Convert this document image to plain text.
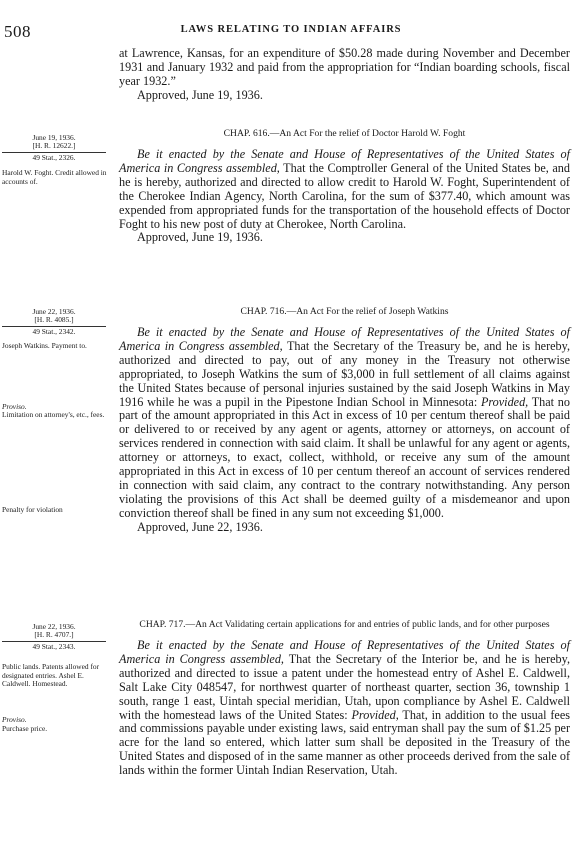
508	LAWS RELATING TO INDIAN AFFAIRS

at Lawrence, Kansas, for an expenditure of $50.28 made during November and December 1931 and January 1932 and paid from the appropriation for “Indian boarding schools, fiscal year 1932.”

Approved, June 19, 1936.

June 19, 1936.
[H. R. 12622.]
49 Stat., 2326.
Harold W. Foght. Credit allowed in accounts of.
CHAP. 616.—An Act For the relief of Doctor Harold W. Foght

Be it enacted by the Senate and House of Representatives of the United States of America in Congress assembled, That the Comptroller General of the United States be, and he is hereby, authorized and directed to allow credit to Harold W. Foght, Superintendent of the Cherokee Indian Agency, North Carolina, for the sum of $377.40, which amount was expended from appropriated funds for the transportation of the household effects of Doctor Foght to his new post of duty at Cherokee, North Carolina.

Approved, June 19, 1936.

June 22, 1936.
[H. R. 4085.]
49 Stat., 2342.
Joseph Watkins. Payment to.
Proviso.
Limitation on attorney's, etc., fees.
Penalty for violation
CHAP. 716.—An Act For the relief of Joseph Watkins

Be it enacted by the Senate and House of Representatives of the United States of America in Congress assembled, That the Secretary of the Treasury be, and he is hereby, authorized and directed to pay, out of any money in the Treasury not otherwise appropriated, to Joseph Watkins the sum of $3,000 in full settlement of all claims against the United States because of personal injuries sustained by the said Joseph Watkins in May 1916 while he was a pupil in the Pipestone Indian School in Minnesota: Provided, That no part of the amount appropriated in this Act in excess of 10 per centum thereof shall be paid or delivered to or received by any agent or agents, attorney or attorneys, on account of services rendered in connection with said claim. It shall be unlawful for any agent or agents, attorney or attorneys, to exact, collect, withhold, or receive any sum of the amount appropriated in this Act in excess of 10 per centum thereof an account of services rendered in connection with said claim, any contract to the contrary notwithstanding. Any person violating the provisions of this Act shall be deemed guilty of a misdemeanor and upon conviction thereof shall be fined in any sum not exceeding $1,000.

Approved, June 22, 1936.

June 22, 1936.
[H. R. 4707.]
49 Stat., 2343.
Public lands. Patents allowed for designated entries. Ashel E. Caldwell. Homestead.
Proviso.
Purchase price.
CHAP. 717.—An Act Validating certain applications for and entries of public lands, and for other purposes

Be it enacted by the Senate and House of Representatives of the United States of America in Congress assembled, That the Secretary of the Interior be, and he is hereby, authorized and directed to issue a patent under the homestead entry of Ashel E. Caldwell, Salt Lake City 048547, for northwest quarter of northeast quarter, section 36, township 1 south, range 1 east, Uintah special meridian, Utah, upon compliance by Ashel E. Caldwell with the homestead laws of the United States: Provided, That, in addition to the usual fees and commissions payable under existing laws, said entryman shall pay the sum of $1.25 per acre for the land so entered, which latter sum shall be deposited in the Treasury of the United States and disposed of in the same manner as other proceeds derived from the sale of lands within the former Uintah Indian Reservation, Utah.
